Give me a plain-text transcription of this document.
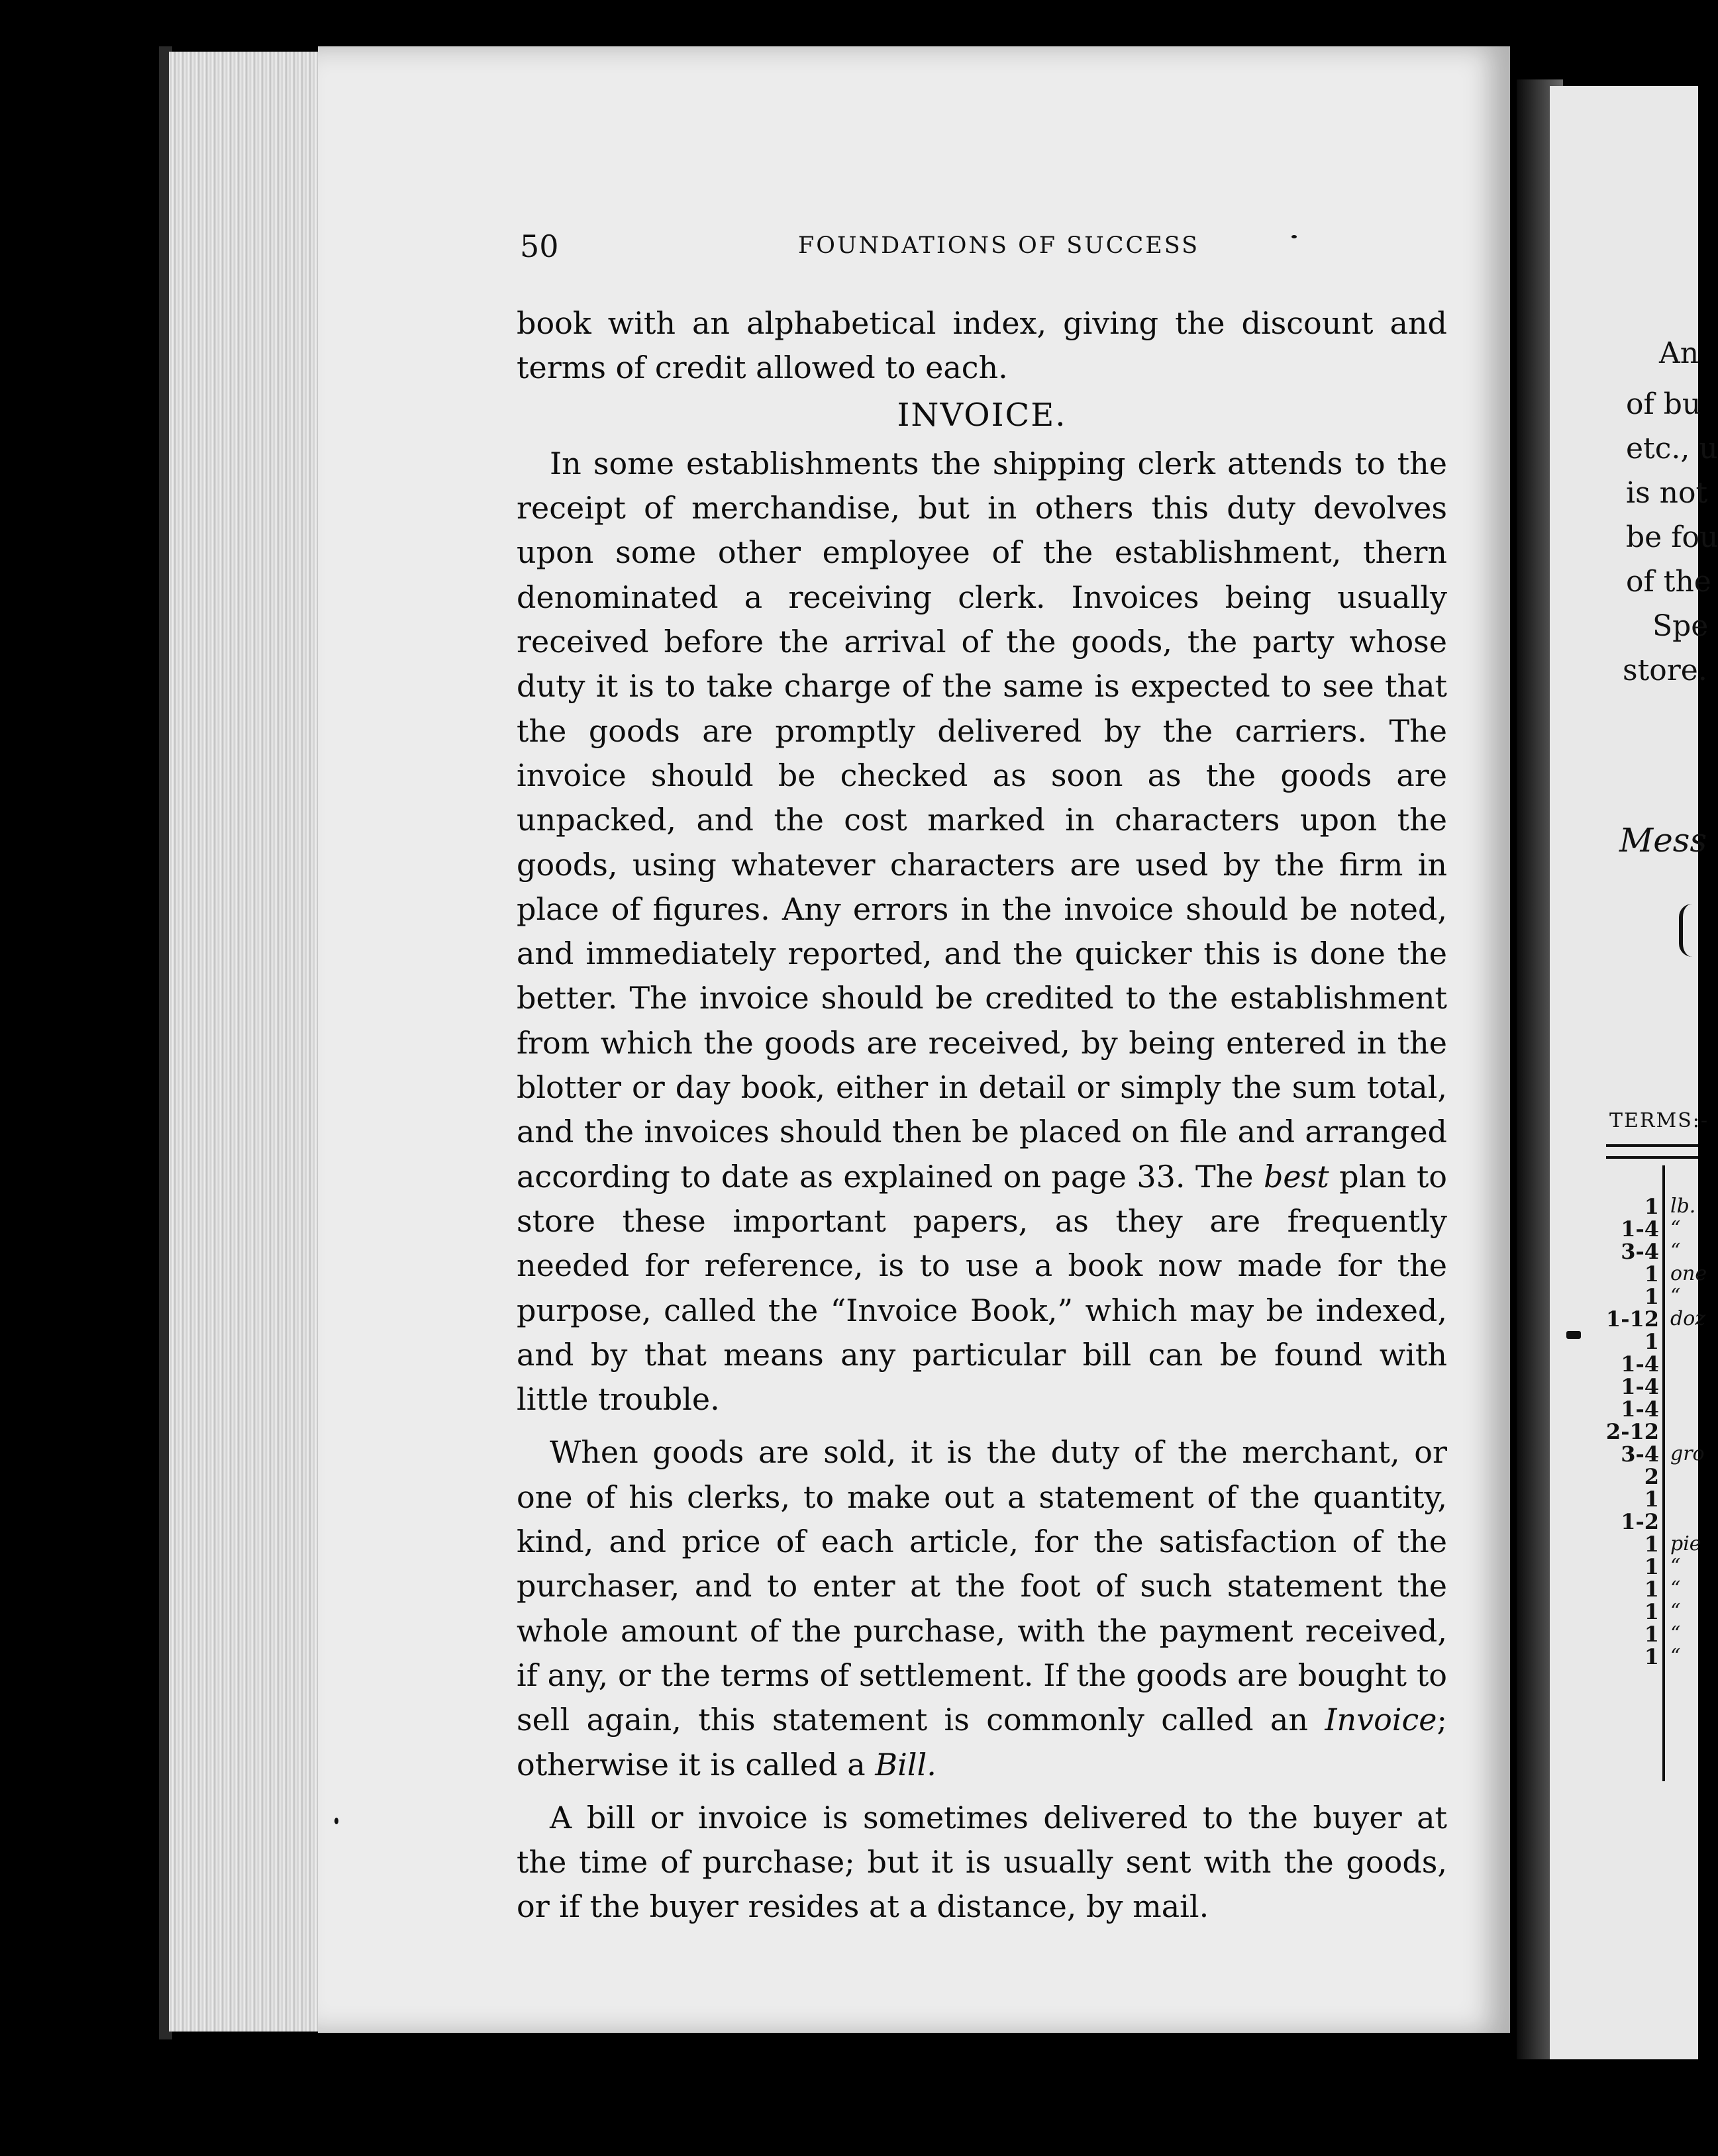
50	FOUNDATIONS OF SUCCESS

book with an alphabetical index, giving the discount and terms of credit allowed to each.

INVOICE.

In some establishments the shipping clerk attends to the receipt of merchandise, but in others this duty devolves upon some other employee of the establishment, thern denominated a receiving clerk. Invoices being usually received before the arrival of the goods, the party whose duty it is to take charge of the same is expected to see that the goods are promptly delivered by the carriers. The invoice should be checked as soon as the goods are unpacked, and the cost marked in characters upon the goods, using whatever characters are used by the firm in place of figures. Any errors in the invoice should be noted, and immediately reported, and the quicker this is done the better. The invoice should be credited to the establishment from which the goods are received, by being entered in the blotter or day book, either in detail or simply the sum total, and the invoices should then be placed on file and arranged according to date as explained on page 33. The best plan to store these important papers, as they are frequently needed for reference, is to use a book now made for the purpose, called the “Invoice Book,” which may be indexed, and by that means any particular bill can be found with little trouble.

When goods are sold, it is the duty of the merchant, or one of his clerks, to make out a statement of the quantity, kind, and price of each article, for the satisfaction of the purchaser, and to enter at the foot of such statement the whole amount of the purchase, with the payment received, if any, or the terms of settlement. If the goods are bought to sell again, this statement is commonly called an Invoice; otherwise it is called a Bill.

A bill or invoice is sometimes delivered to the buyer at the time of purchase; but it is usually sent with the goods, or if the buyer resides at a distance, by mail.

An
of bu
etc., u
is not
be fou
of the
Spe
store.
Mess
TERMS:-
1
1-4
3-4
1
1
1-12
1
1-4
1-4
1-4
2-12
3-4
2
1
1-2
1
1
1
1
1
1
lb.
“
“
one
“
doz

gro

pie
“
“
“
“
“
